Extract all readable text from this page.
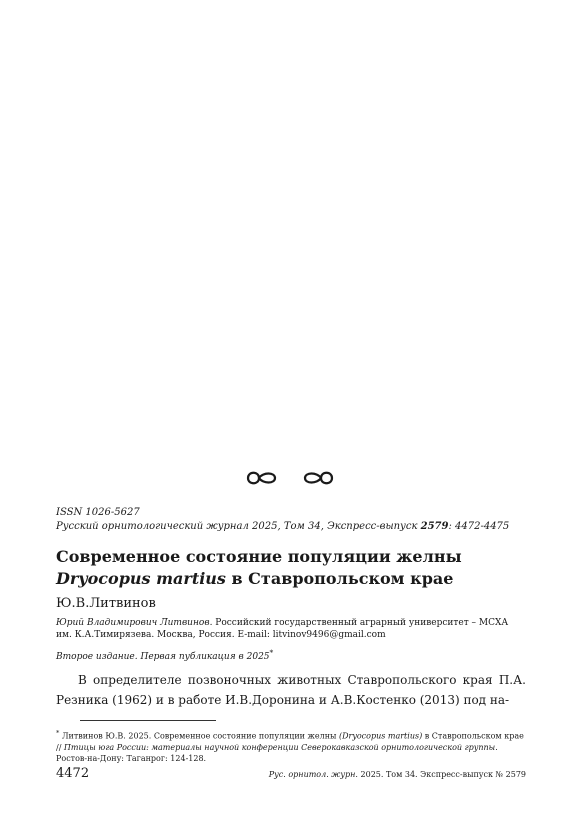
ISSN 1026-5627
Русский орнитологический журнал 2025, Том 34, Экспресс-выпуск 2579: 4472-4475
Современное состояние популяции желны
Dryocopus martius в Ставропольском крае
Ю.В.Литвинов
Юрий Владимирович Литвинов. Российский государственный аграрный университет – МСХА им. К.А.Тимирязева. Москва, Россия. E-mail: litvinov9496@gmail.com
Второе издание. Первая публикация в 2025*
В определителе позвоночных животных Ставропольского края П.А. Резника (1962) и в работе И.В.Доронина и А.В.Костенко (2013) под на-
* Литвинов Ю.В. 2025. Современное состояние популяции желны (Dryocopus martius) в Ставропольском крае // Птицы юга России: материалы научной конференции Северокавказской орнитологической группы. Ростов-на-Дону: Таганрог: 124-128.
4472	Рус. орнитол. журн. 2025. Том 34. Экспресс-выпуск № 2579
